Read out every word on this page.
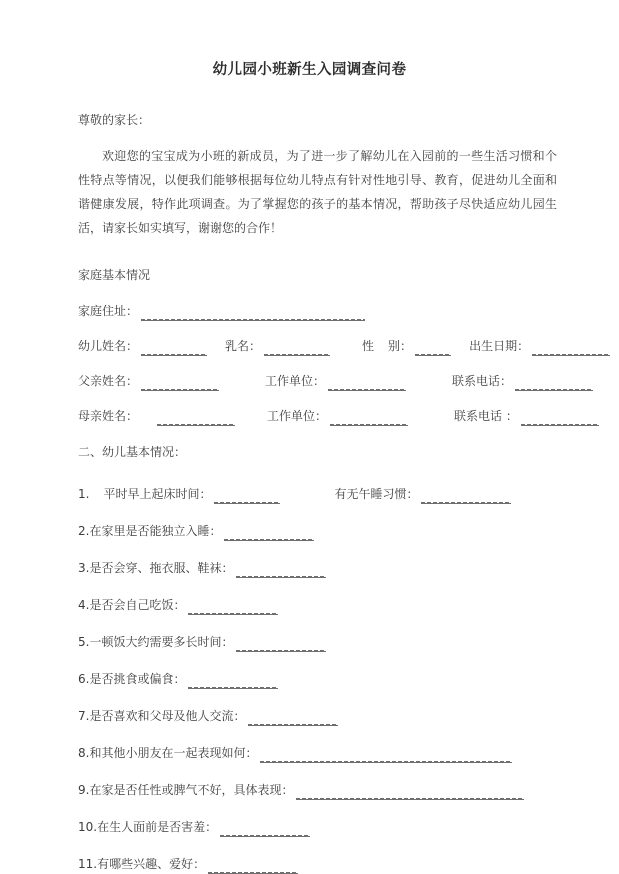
幼儿园小班新生入园调查问卷
尊敬的家长：
欢迎您的宝宝成为小班的新成员，为了进一步了解幼儿在入园前的一些生活习惯和个性特点等情况，以便我们能够根据每位幼儿特点有针对性地引导、教育，促进幼儿全面和谐健康发展，特作此项调查。为了掌握您的孩子的基本情况，帮助孩子尽快适应幼儿园生活，请家长如实填写，谢谢您的合作！
家庭基本情况
家庭住址：
幼儿姓名：	乳名：	性 别：	出生日期：
父亲姓名：	工作单位：	联系电话：
母亲姓名：	工作单位：	联系电话 ：
二、幼儿基本情况：
1. 平时早上起床时间：	有无午睡习惯：
2.在家里是否能独立入睡：
3.是否会穿、拖衣服、鞋袜：
4.是否会自己吃饭：
5.一顿饭大约需要多长时间：
6.是否挑食或偏食：
7.是否喜欢和父母及他人交流：
8.和其他小朋友在一起表现如何：
9.在家是否任性或脾气不好，具体表现：
10.在生人面前是否害羞：
11.有哪些兴趣、爱好：
